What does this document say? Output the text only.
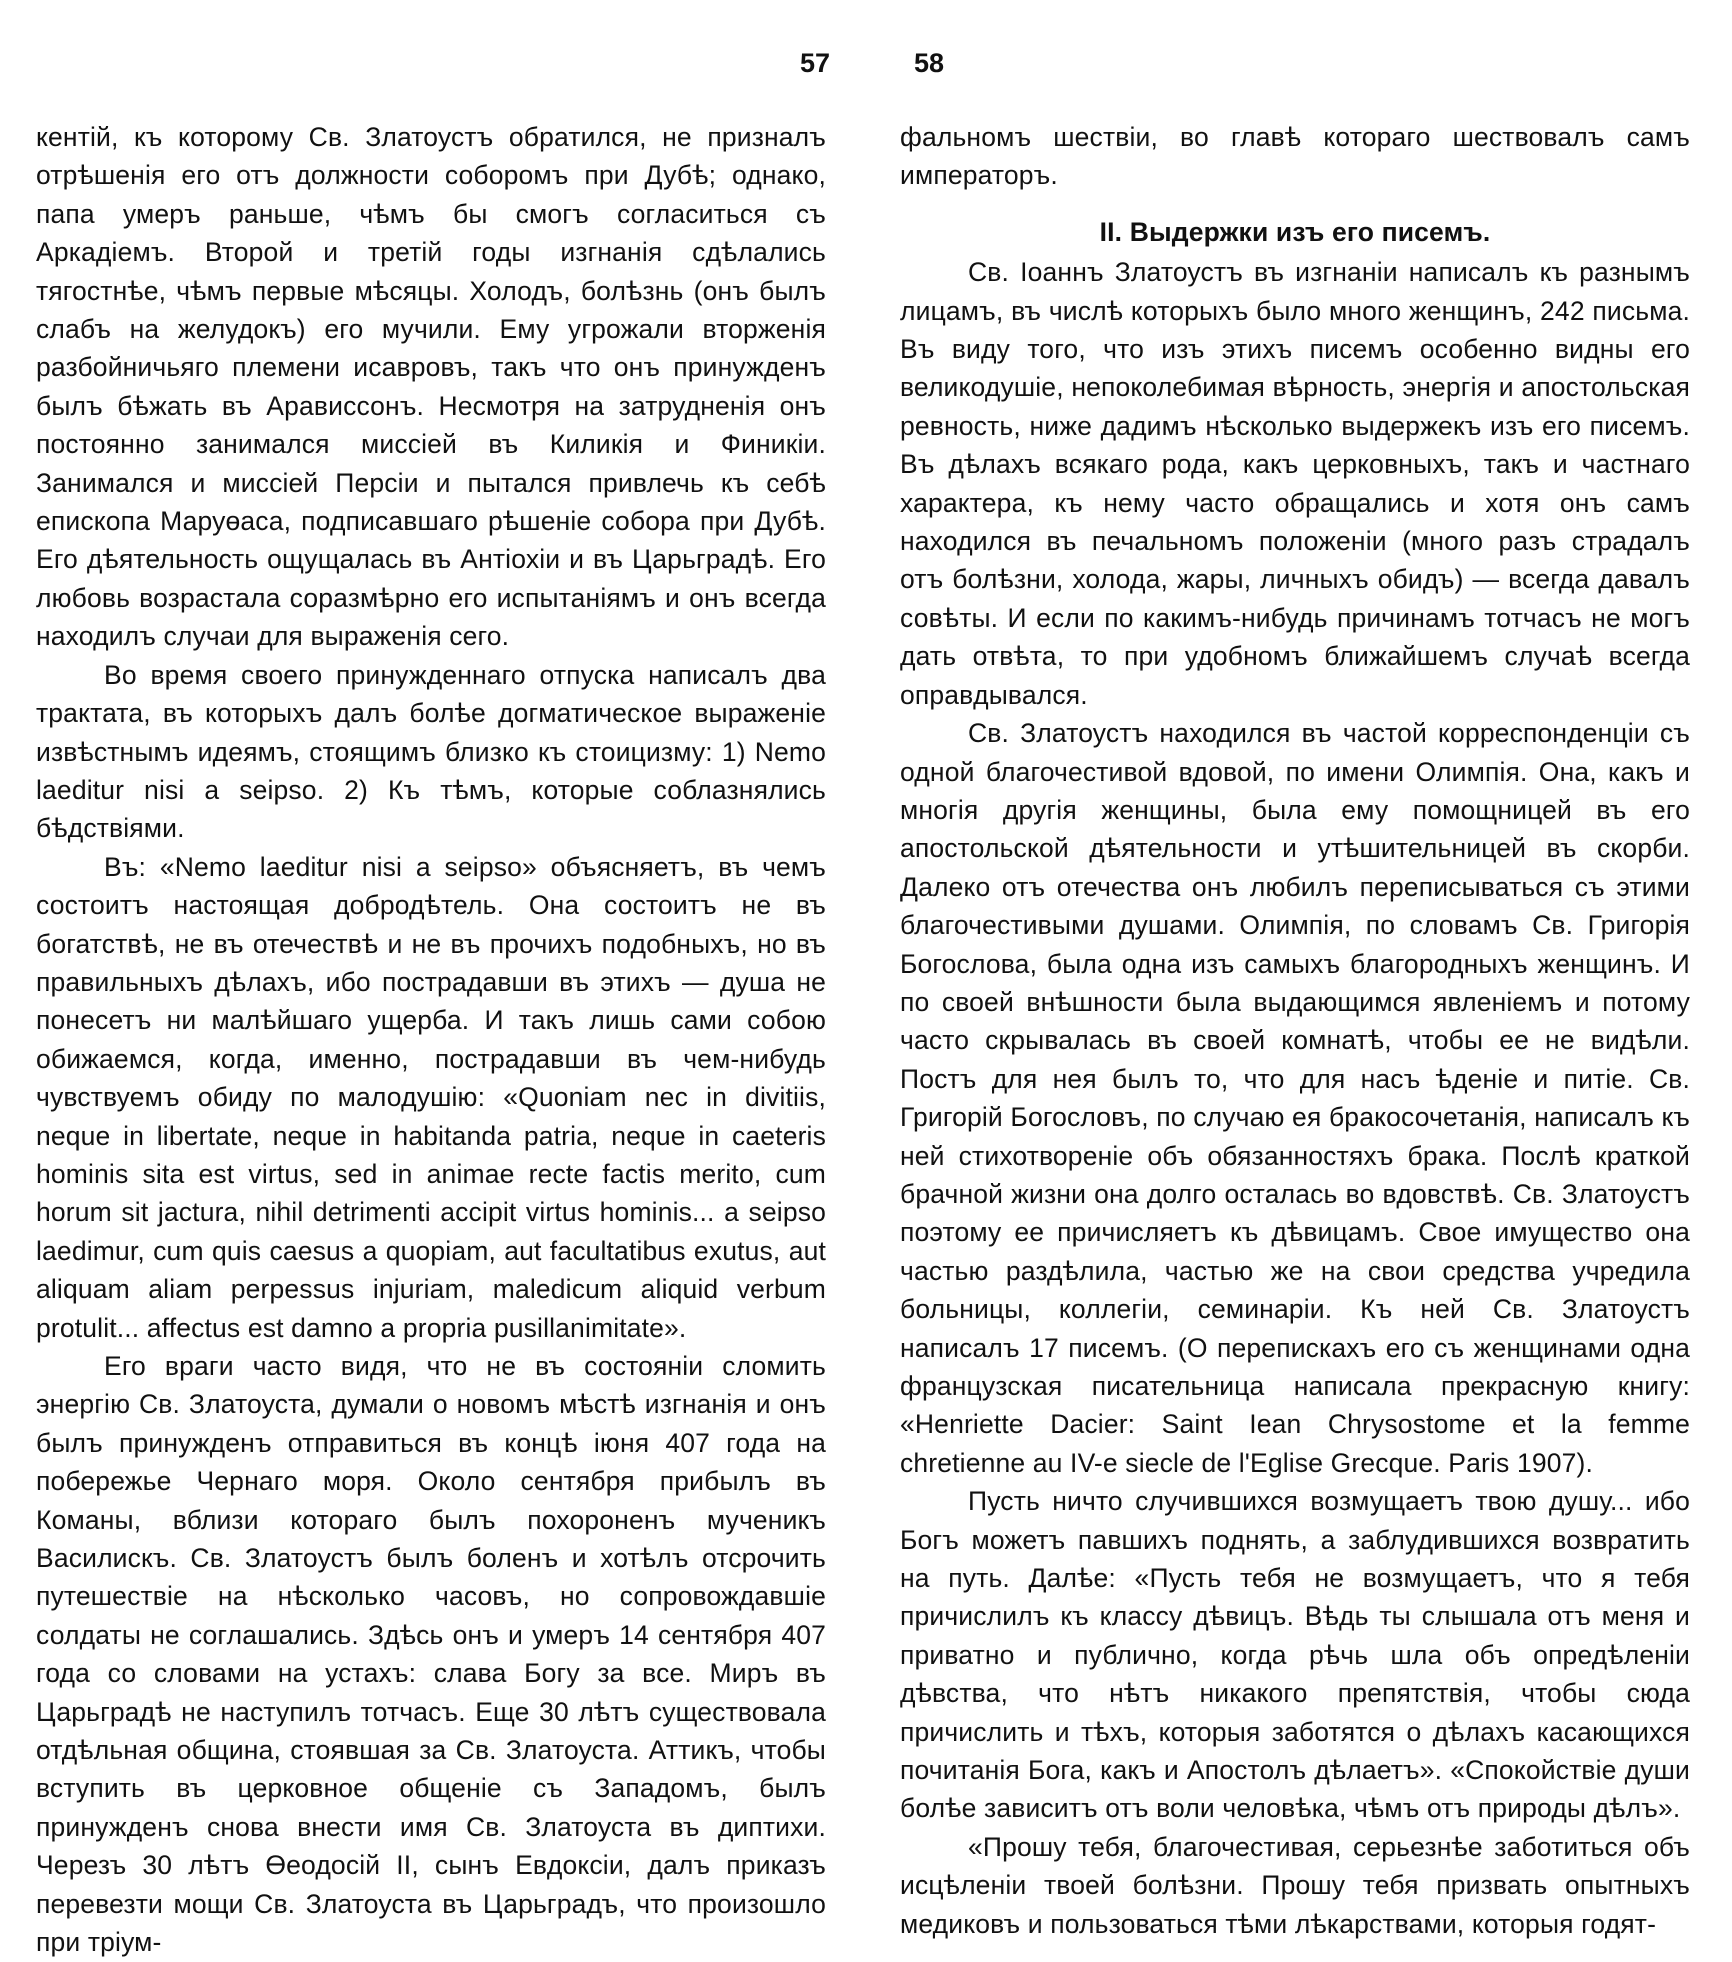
57	58

кентій, къ которому Св. Златоустъ обратился, не призналъ отрѣшенія его отъ должности соборомъ при Дубѣ; однако, папа умеръ раньше, чѣмъ бы смогъ согласиться съ Аркадіемъ. Второй и третій годы изгнанія сдѣлались тягостнѣе, чѣмъ первые мѣсяцы. Холодъ, болѣзнь (онъ былъ слабъ на желудокъ) его мучили. Ему угрожали вторженія разбойничьяго племени исавровъ, такъ что онъ принужденъ былъ бѣжать въ Арависсонъ. Несмотря на затрудненія онъ постоянно занимался миссіей въ Киликія и Финикіи. Занимался и миссіей Персіи и пытался привлечь къ себѣ епископа Маруөаса, подписавшаго рѣшеніе собора при Дубѣ. Его дѣятельность ощущалась въ Антіохіи и въ Царьградѣ. Его любовь возрастала соразмѣрно его испытаніямъ и онъ всегда находилъ случаи для выраженія сего.

Во время своего принужденнаго отпуска написалъ два трактата, въ которыхъ далъ болѣе догматическое выраженіе извѣстнымъ идеямъ, стоящимъ близко къ стоицизму: 1) Nemo laeditur nisi a seipso. 2) Къ тѣмъ, которые соблазнялись бѣдствіями.

Въ: «Nemo laeditur nisi a seipso» объясняетъ, въ чемъ состоитъ настоящая добродѣтель. Она состоитъ не въ богатствѣ, не въ отечествѣ и не въ прочихъ подобныхъ, но въ правильныхъ дѣлахъ, ибо пострадавши въ этихъ — душа не понесетъ ни малѣйшаго ущерба. И такъ лишь сами собою обижаемся, когда, именно, пострадавши въ чем-нибудь чувствуемъ обиду по малодушію: «Quoniam nec in divitiis, neque in libertate, neque in habitanda patria, neque in caeteris hominis sita est virtus, sed in animae recte factis merito, cum horum sit jactura, nihil detrimenti accipit virtus hominis... a seipso laedimur, cum quis caesus a quopiam, aut facultatibus exutus, aut aliquam aliam perpessus injuriam, maledicum aliquid verbum protulit... affectus est damno a propria pusillanimitate».

Его враги часто видя, что не въ состояніи сломить энергію Св. Златоуста, думали о новомъ мѣстѣ изгнанія и онъ былъ принужденъ отправиться въ концѣ іюня 407 года на побережье Чернаго моря. Около сентября прибылъ въ Команы, вблизи котораго былъ похороненъ мученикъ Василискъ. Св. Златоустъ былъ боленъ и хотѣлъ отсрочить путешествіе на нѣсколько часовъ, но сопровождавшіе солдаты не соглашались. Здѣсь онъ и умеръ 14 сентября 407 года со словами на устахъ: слава Богу за все. Миръ въ Царьградѣ не наступилъ тотчасъ. Еще 30 лѣтъ существовала отдѣльная община, стоявшая за Св. Златоуста. Аттикъ, чтобы вступить въ церковное общеніе съ Западомъ, былъ принужденъ снова внести имя Св. Златоуста въ диптихи. Черезъ 30 лѣтъ Өеодосій II, сынъ Евдоксіи, далъ приказъ перевезти мощи Св. Златоуста въ Царьградъ, что произошло при тріум-

фальномъ шествіи, во главѣ котораго шествовалъ самъ императоръ.

II. Выдержки изъ его писемъ.

Св. Іоаннъ Златоустъ въ изгнаніи написалъ къ разнымъ лицамъ, въ числѣ которыхъ было много женщинъ, 242 письма. Въ виду того, что изъ этихъ писемъ особенно видны его великодушіе, непоколебимая вѣрность, энергія и апостольская ревность, ниже дадимъ нѣсколько выдержекъ изъ его писемъ. Въ дѣлахъ всякаго рода, какъ церковныхъ, такъ и частнаго характера, къ нему часто обращались и хотя онъ самъ находился въ печальномъ положеніи (много разъ страдалъ отъ болѣзни, холода, жары, личныхъ обидъ) — всегда давалъ совѣты. И если по какимъ-нибудь причинамъ тотчасъ не могъ дать отвѣта, то при удобномъ ближайшемъ случаѣ всегда оправдывался.

Св. Златоустъ находился въ частой корреспонденціи съ одной благочестивой вдовой, по имени Олимпія. Она, какъ и многія другія женщины, была ему помощницей въ его апостольской дѣятельности и утѣшительницей въ скорби. Далеко отъ отечества онъ любилъ переписываться съ этими благочестивыми душами. Олимпія, по словамъ Св. Григорія Богослова, была одна изъ самыхъ благородныхъ женщинъ. И по своей внѣшности была выдающимся явленіемъ и потому часто скрывалась въ своей комнатѣ, чтобы ее не видѣли. Постъ для нея былъ то, что для насъ ѣденіе и питіе. Св. Григорій Богословъ, по случаю ея бракосочетанія, написалъ къ ней стихотвореніе объ обязанностяхъ брака. Послѣ краткой брачной жизни она долго осталась во вдовствѣ. Св. Златоустъ поэтому ее причисляетъ къ дѣвицамъ. Свое имущество она частью раздѣлила, частью же на свои средства учредила больницы, коллегіи, семинаріи. Къ ней Св. Златоустъ написалъ 17 писемъ. (О перепискахъ его съ женщинами одна французская писательница написала прекрасную книгу: «Henriette Dacier: Saint Iean Chrysostome et la femme chretienne au IV-e siecle de l'Eglise Grecque. Paris 1907).

Пусть ничто случившихся возмущаетъ твою душу... ибо Богъ можетъ павшихъ поднять, а заблудившихся возвратить на путь. Далѣе: «Пусть тебя не возмущаетъ, что я тебя причислилъ къ классу дѣвицъ. Вѣдь ты слышала отъ меня и приватно и публично, когда рѣчь шла объ опредѣленіи дѣвства, что нѣтъ никакого препятствія, чтобы сюда причислить и тѣхъ, которыя заботятся о дѣлахъ касающихся почитанія Бога, какъ и Апостолъ дѣлаетъ». «Спокойствіе души болѣе зависитъ отъ воли человѣка, чѣмъ отъ природы дѣлъ».

«Прошу тебя, благочестивая, серьезнѣе заботиться объ исцѣленіи твоей болѣзни. Прошу тебя призвать опытныхъ медиковъ и пользоваться тѣми лѣкарствами, которыя годят-
